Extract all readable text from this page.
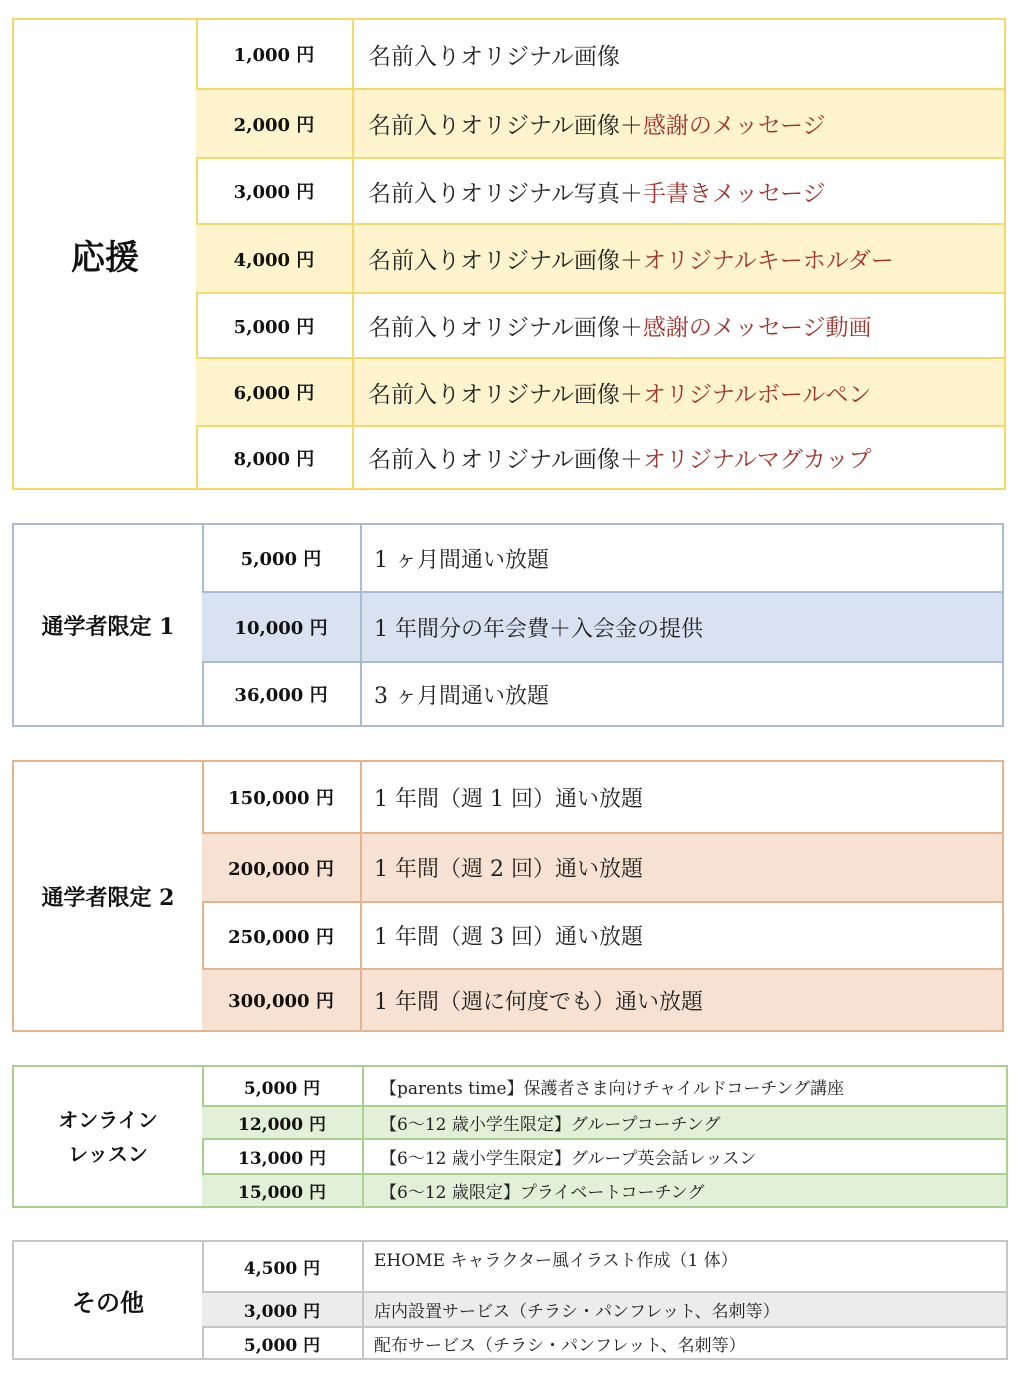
応援
1,000 円	名前入りオリジナル画像
2,000 円	名前入りオリジナル画像＋ 感謝のメッセージ
3,000 円	名前入りオリジナル写真＋ 手書きメッセージ
4,000 円	名前入りオリジナル画像＋ オリジナルキーホルダー
5,000 円	名前入りオリジナル画像＋ 感謝のメッセージ動画
6,000 円	名前入りオリジナル画像＋ オリジナルボールペン
8,000 円	名前入りオリジナル画像＋ オリジナルマグカップ
通学者限定 1
5,000 円	1 ヶ月間通い放題
10,000 円	1 年間分の年会費＋入会金の提供
36,000 円	3 ヶ月間通い放題
通学者限定 2
150,000 円	1 年間（週 1 回）通い放題
200,000 円	1 年間（週 2 回）通い放題
250,000 円	1 年間（週 3 回）通い放題
300,000 円	1 年間（週に何度でも）通い放題
オンライン
レッスン
5,000 円	【parents time】保護者さま向けチャイルドコーチング講座
12,000 円	【6～12 歳小学生限定】グループコーチング
13,000 円	【6～12 歳小学生限定】グループ英会話レッスン
15,000 円	【6～12 歳限定】プライベートコーチング
その他
4,500 円	EHOME キャラクター風イラスト作成（1 体）
3,000 円	店内設置サービス（チラシ・パンフレット、名刺等）
5,000 円	配布サービス（チラシ・パンフレット、名刺等）
